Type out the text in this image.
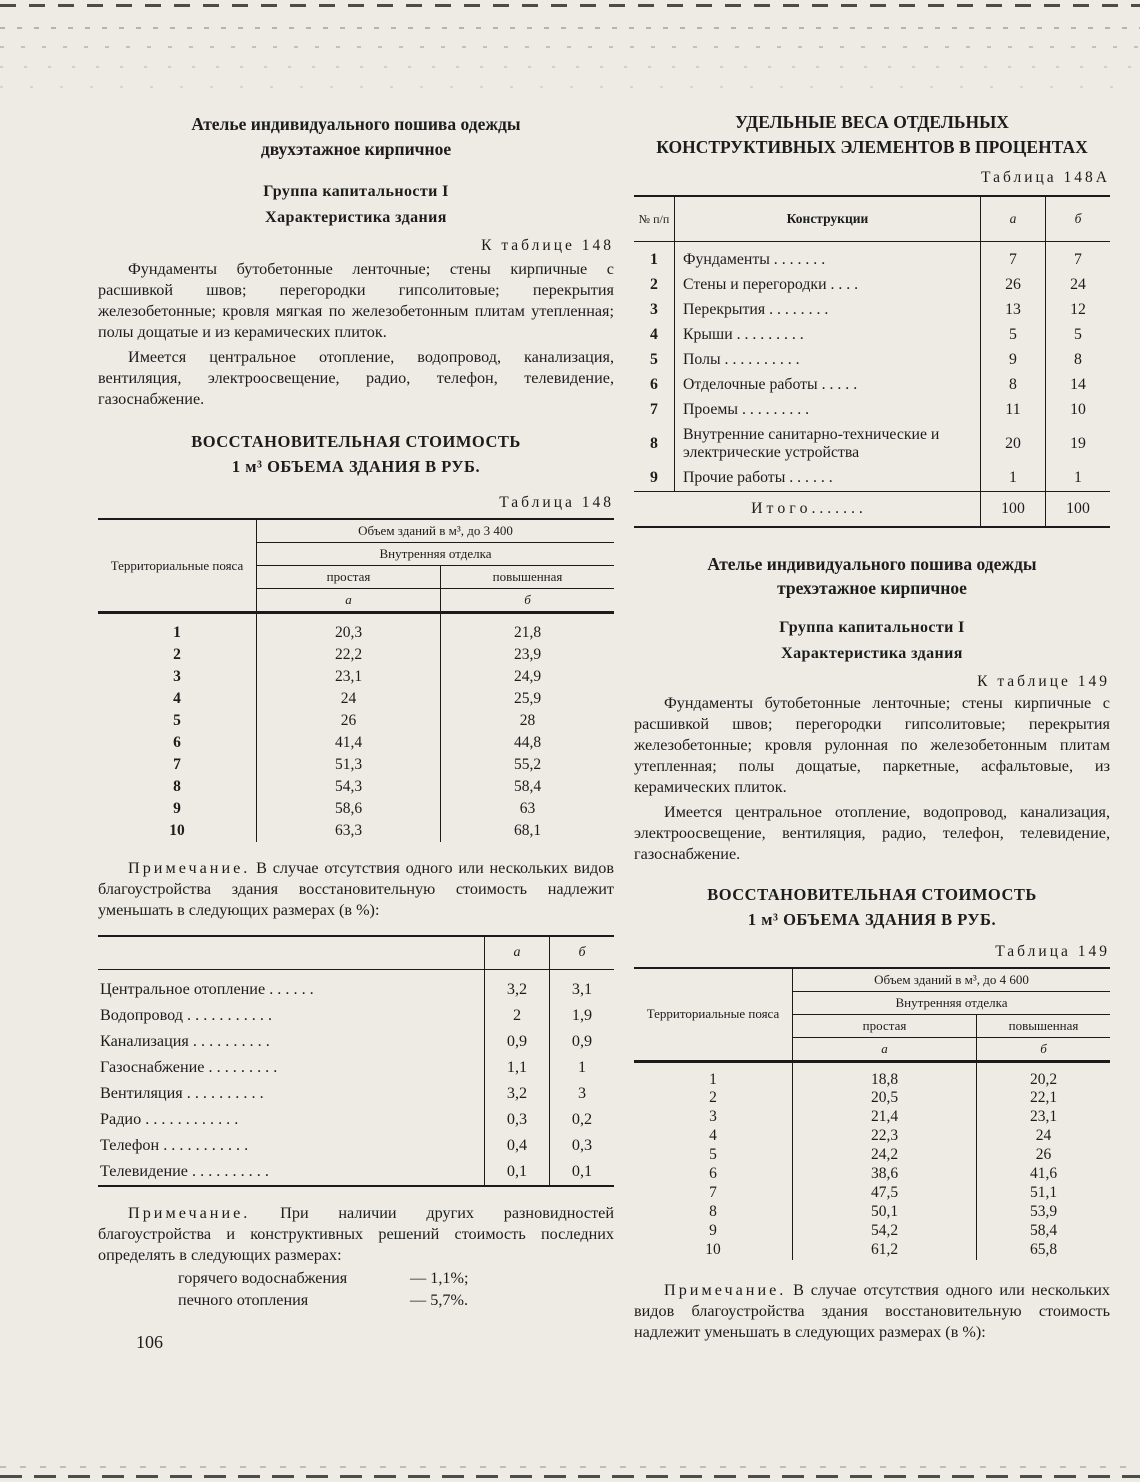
Ателье индивидуального пошива одежды
двухэтажное кирпичное
Группа капитальности I
Характеристика здания
К таблице 148

Фундаменты бутобетонные ленточные; стены кирпичные с расшивкой швов; перегородки гипсолитовые; перекрытия железобетонные; кровля мягкая по железобетонным плитам утепленная; полы дощатые и из керамических плиток.

Имеется центральное отопление, водопровод, канализация, вентиляция, электроосвещение, радио, телефон, телевидение, газоснабжение.

ВОССТАНОВИТЕЛЬНАЯ СТОИМОСТЬ
1 м³ ОБЪЕМА ЗДАНИЯ В РУБ.
Таблица 148
Территориальные пояса	Объем зданий в м³, до 3 400	
	Внутренняя отделка	
	простая	повышенная
	а	б
1	20,3	21,8
2	22,2	23,9
3	23,1	24,9
4	24	25,9
5	26	28
6	41,4	44,8
7	51,3	55,2
8	54,3	58,4
9	58,6	63
10	63,3	68,1

Примечание. В случае отсутствия одного или нескольких видов благоустройства здания восстановительную стоимость надлежит уменьшать в следующих размерах (в %):

	а	б
Центральное отопление . . . . . .	3,2	3,1
Водопровод . . . . . . . . . . .	2	1,9
Канализация . . . . . . . . . .	0,9	0,9
Газоснабжение . . . . . . . . .	1,1	1
Вентиляция . . . . . . . . . .	3,2	3
Радио . . . . . . . . . . . .	0,3	0,2
Телефон . . . . . . . . . . .	0,4	0,3
Телевидение . . . . . . . . . .	0,1	0,1

Примечание. При наличии других разновидностей благоустройства и конструктивных решений стоимость последних определять в следующих размерах:

горячего водоснабжения	— 1,1%;
печного отопления	— 5,7%.
УДЕЛЬНЫЕ ВЕСА ОТДЕЛЬНЫХ
КОНСТРУКТИВНЫХ ЭЛЕМЕНТОВ В ПРОЦЕНТАХ
Таблица 148А
№ п/п	Конструкции	а	б
1	Фундаменты . . . . . . .	7	7
2	Стены и перегородки . . . .	26	24
3	Перекрытия . . . . . . . .	13	12
4	Крыши . . . . . . . . .	5	5
5	Полы . . . . . . . . . .	9	8
6	Отделочные работы . . . . .	8	14
7	Проемы . . . . . . . . .	11	10
8	Внутренние санитарно-технические и электрические устройства	20	19
9	Прочие работы . . . . . .	1	1
И т о г о . . . . . . .		100	100
Ателье индивидуального пошива одежды
трехэтажное кирпичное
Группа капитальности I
Характеристика здания
К таблице 149

Фундаменты бутобетонные ленточные; стены кирпичные с расшивкой швов; перегородки гипсолитовые; перекрытия железобетонные; кровля рулонная по железобетонным плитам утепленная; полы дощатые, паркетные, асфальтовые, из керамических плиток.

Имеется центральное отопление, водопровод, канализация, электроосвещение, вентиляция, радио, телефон, телевидение, газоснабжение.

ВОССТАНОВИТЕЛЬНАЯ СТОИМОСТЬ
1 м³ ОБЪЕМА ЗДАНИЯ В РУБ.
Таблица 149
Территориальные пояса	Объем зданий в м³, до 4 600	
	Внутренняя отделка	
	простая	повышенная
	а	б
1	18,8	20,2
2	20,5	22,1
3	21,4	23,1
4	22,3	24
5	24,2	26
6	38,6	41,6
7	47,5	51,1
8	50,1	53,9
9	54,2	58,4
10	61,2	65,8

Примечание. В случае отсутствия одного или нескольких видов благоустройства здания восстановительную стоимость надлежит уменьшать в следующих размерах (в %):

106
